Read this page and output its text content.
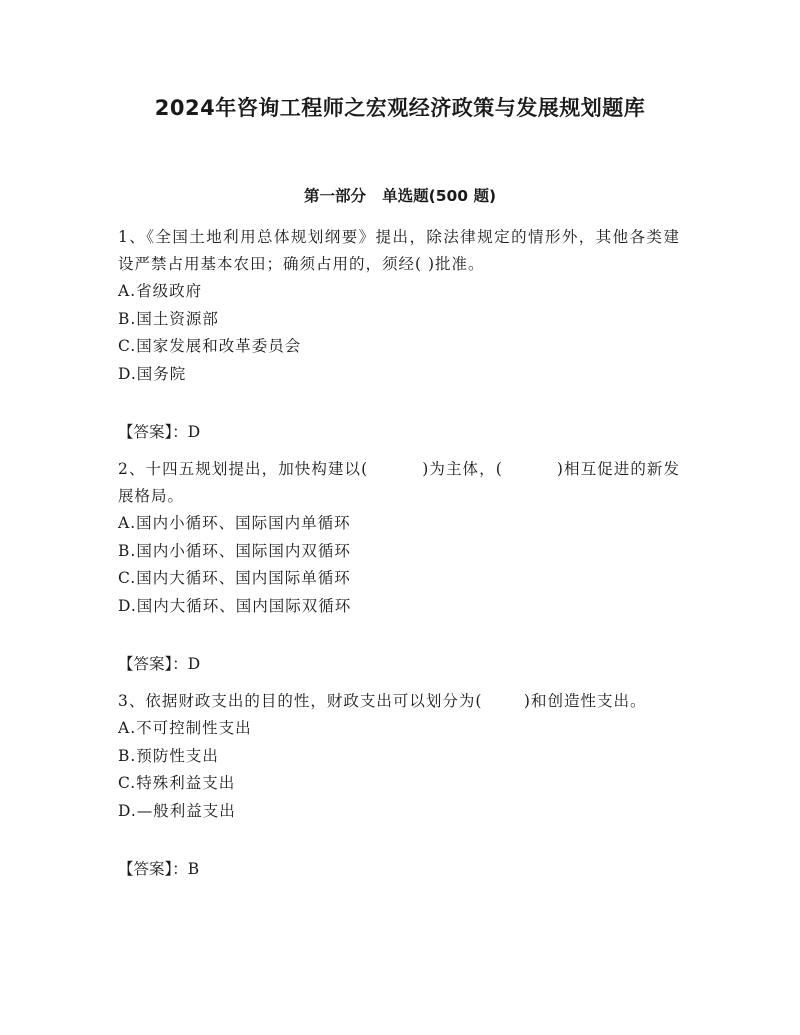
2024年咨询工程师之宏观经济政策与发展规划题库
第一部分   单选题(500 题)

1、《全国土地利用总体规划纲要》提出，除法律规定的情形外，其他各类建设严禁占用基本农田；确须占用的，须经( )批准。

A.省级政府

B.国土资源部

C.国家发展和改革委员会

D.国务院

【答案】：D

2、十四五规划提出，加快构建以(         )为主体，(         )相互促进的新发展格局。

A.国内小循环、国际国内单循环

B.国内小循环、国际国内双循环

C.国内大循环、国内国际单循环

D.国内大循环、国内国际双循环

【答案】：D

3、依据财政支出的目的性，财政支出可以划分为(       )和创造性支出。

A.不可控制性支出

B.预防性支出

C.特殊利益支出

D.—般利益支出

【答案】：B
